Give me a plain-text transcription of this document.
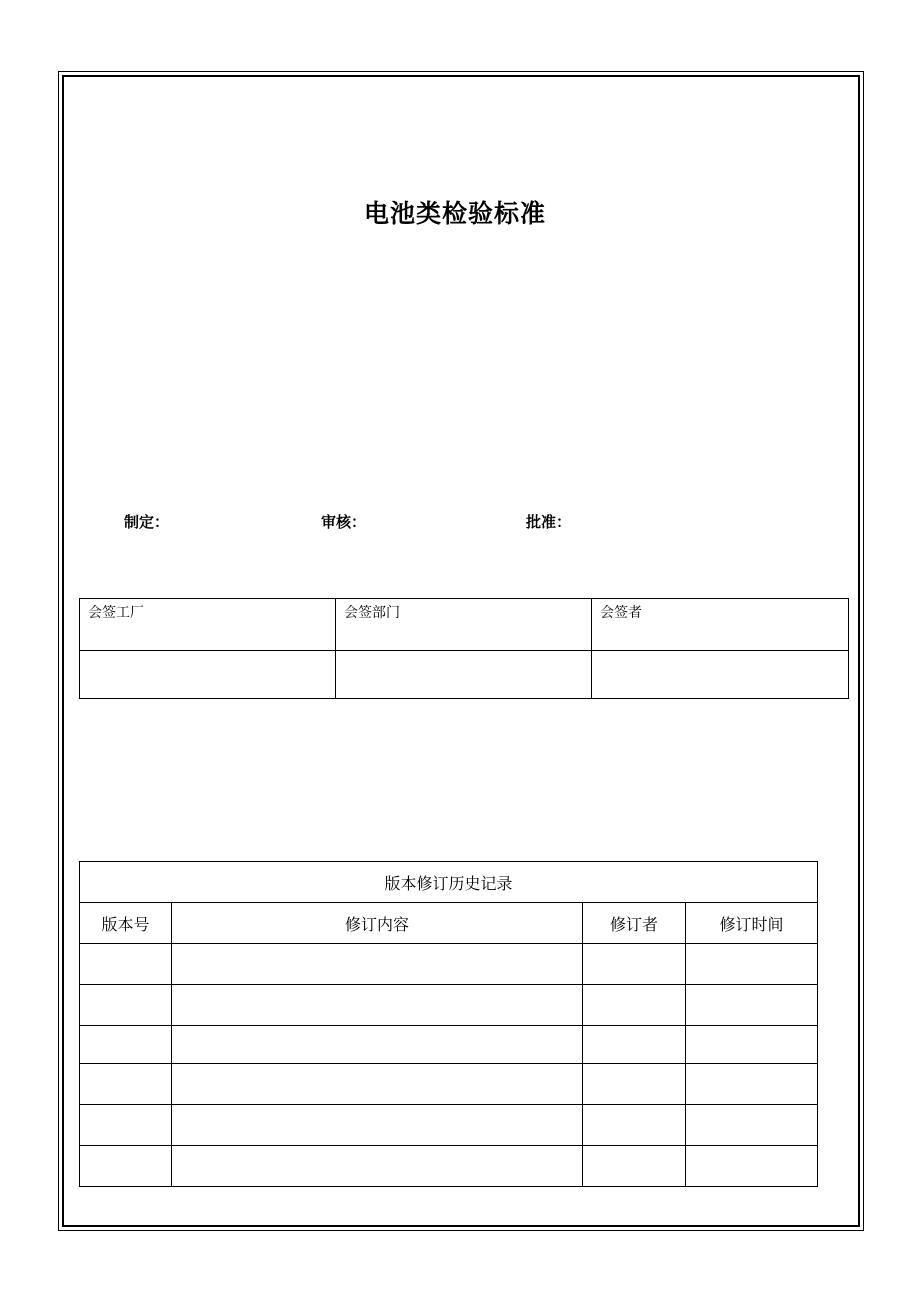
电池类检验标准
制定：	审核：	批准：
会签工厂	会签部门	会签者

版本修订历史记录			
版本号	修订内容	修订者	修订时间
